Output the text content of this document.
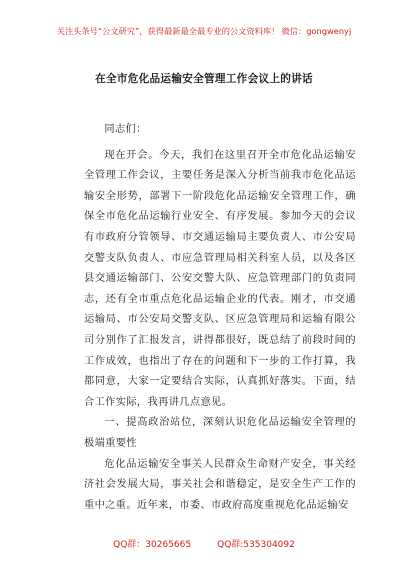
关注头条号“公文研究”，获得最新最全最专业的公文资料库！ 微信：gongwenyj
在全市危化品运输安全管理工作会议上的讲话

同志们：

现在开会。今天，我们在这里召开全市危化品运输安全管理工作会议，主要任务是深入分析当前我市危化品运输安全形势，部署下一阶段危化品运输安全管理工作，确保全市危化品运输行业安全、有序发展。参加今天的会议有市政府分管领导、市交通运输局主要负责人、市公安局交警支队负责人、市应急管理局相关科室人员，以及各区县交通运输部门、公安交警大队、应急管理部门的负责同志，还有全市重点危化品运输企业的代表。刚才，市交通运输局、市公安局交警支队、区应急管理局和运输有限公司分别作了汇报发言，讲得都很好，既总结了前段时间的工作成效，也指出了存在的问题和下一步的工作打算，我都同意，大家一定要结合实际，认真抓好落实。下面，结合工作实际，我再讲几点意见。

一、提高政治站位，深刻认识危化品运输安全管理的极端重要性

危化品运输安全事关人民群众生命财产安全，事关经济社会发展大局，事关社会和谐稳定，是安全生产工作的重中之重。近年来，市委、市政府高度重视危化品运输安

QQ群：30265665	QQ群:535304092
